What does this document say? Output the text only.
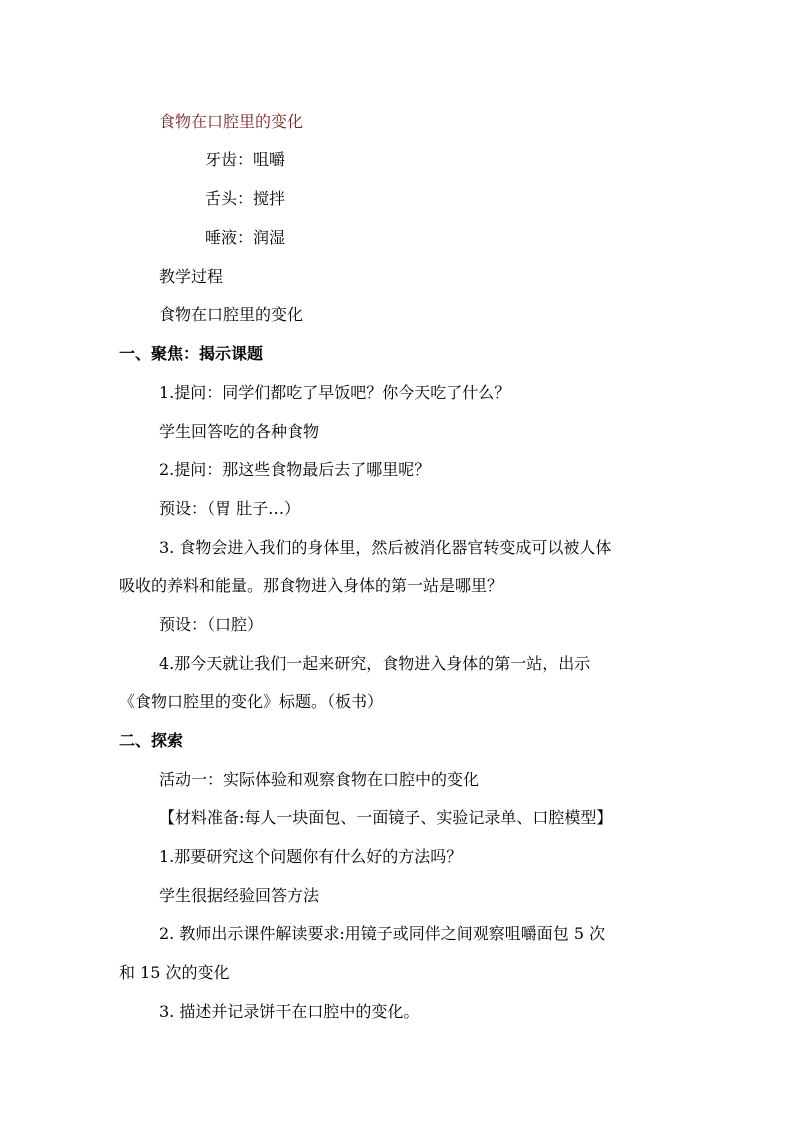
食物在口腔里的变化
牙齿：咀嚼
舌头：搅拌
唾液：润湿
教学过程
食物在口腔里的变化
一、聚焦：揭示课题
1.提问：同学们都吃了早饭吧？你今天吃了什么？
学生回答吃的各种食物
2.提问：那这些食物最后去了哪里呢？
预设：（胃 肚子…）
3. 食物会进入我们的身体里，然后被消化器官转变成可以被人体
吸收的养料和能量。那食物进入身体的第一站是哪里？
预设：（口腔）
4.那今天就让我们一起来研究，食物进入身体的第一站，出示
《食物口腔里的变化》标题。（板书）
二、探索
活动一：实际体验和观察食物在口腔中的变化
【材料准备:每人一块面包、一面镜子、实验记录单、口腔模型】
1.那要研究这个问题你有什么好的方法吗？
学生很据经验回答方法
2. 教师出示课件解读要求:用镜子或同伴之间观察咀嚼面包 5 次
和 15 次的变化
3. 描述并记录饼干在口腔中的变化。
